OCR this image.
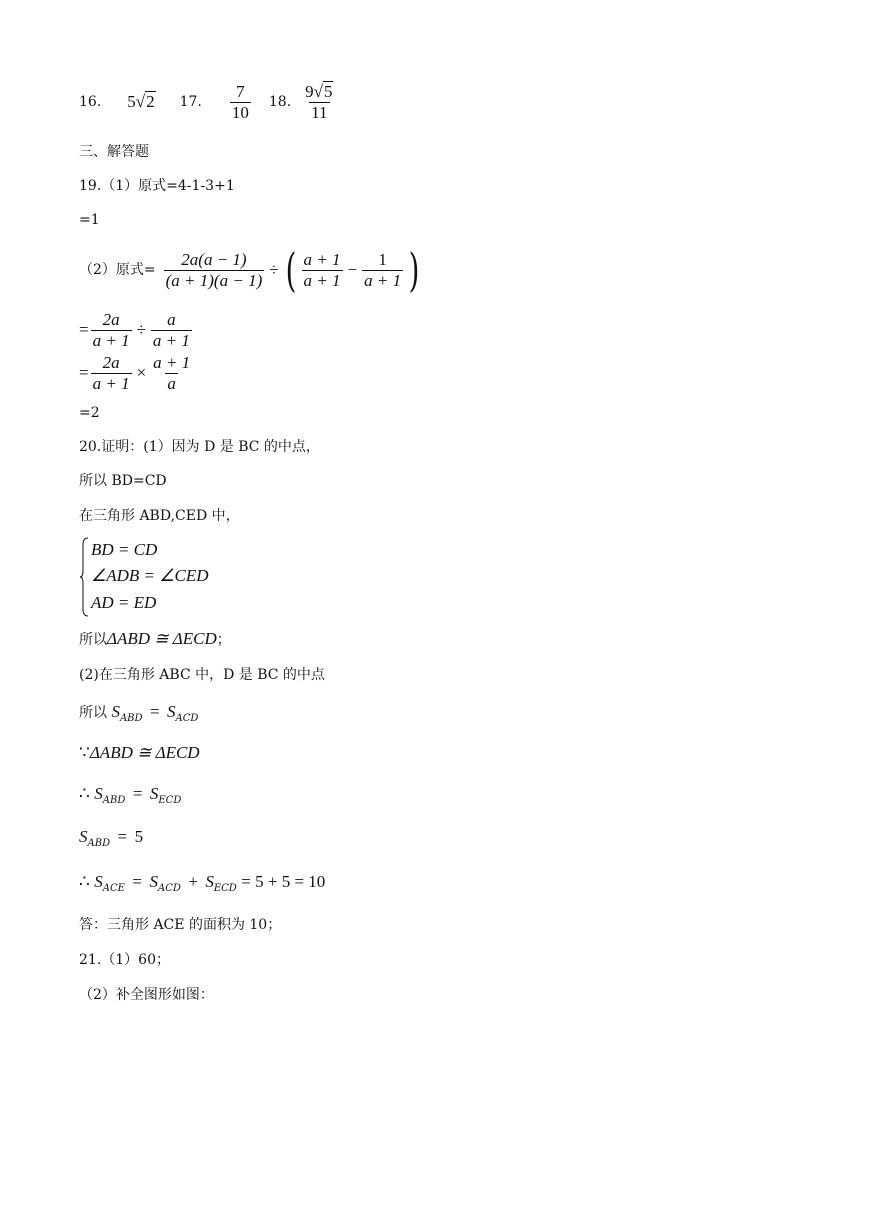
16. 5√2 17. $\frac{7}{10} 18$. $\frac{9√5}{11}$
三、解答题
19.（1）原式=4-1-3+1
=1
（2）原式= $\frac{2a(a - 1)}{(a + 1)(a - 1)}$ ÷ ( $\frac{a + 1}{a + 1} - \frac{1}{a + 1}$ )
= $\frac{2a}{a + 1} \div \frac{a}{a + 1}$
= $\frac{2a}{a + 1} \times \frac{a + 1}{a}$
=2
20.证明：(1）因为 D 是 BC 的中点，
所以 BD=CD
在三角形 ABD,CED 中，
BD = CD
∠ADB = ∠CED
AD = ED
所以ΔABD ≅ ΔECD；
(2)在三角形 ABC 中，D 是 BC 的中点
所以 $S_{ABD} = S_{ACD}$
∵ΔABD ≅ ΔECD
∴ $S_{ABD} = S_{ECD}$
$S_{ABD} = 5$
∴ $S_{ACE} = S_{ACD} + S_{ECD} = 5 + 5 = 10$
答：三角形 ACE 的面积为 10；
21.（1）60；
（2）补全图形如图：
